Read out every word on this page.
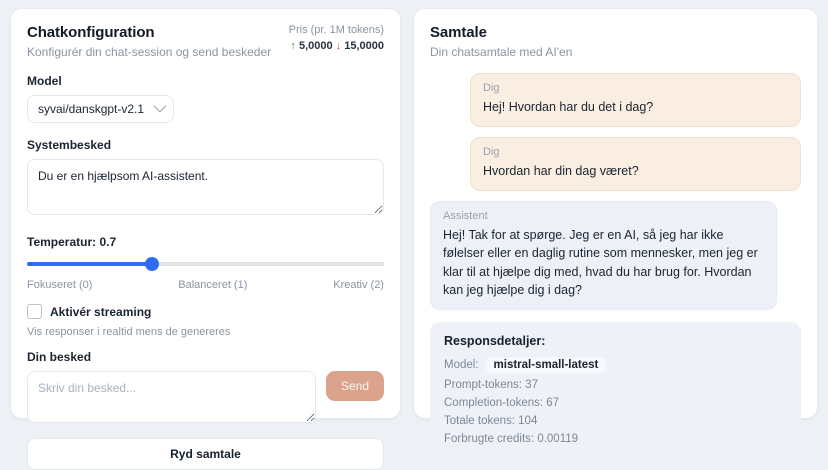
Chatkonfiguration
Konfigurér din chat-session og send beskeder
Pris (pr. 1M tokens)
↑ 5,0000 ↓ 15,0000
Model
syvai/danskgpt-v2.1
Systembesked
Du er en hjælpsom AI-assistent.
Temperatur: 0.7
Fokuseret (0)	Balanceret (1)	Kreativ (2)
Aktivér streaming
Vis responser i realtid mens de genereres
Din besked
Skriv din besked...
Send
Ryd samtale
Samtale
Din chatsamtale med AI'en
Dig
Hej! Hvordan har du det i dag?
Dig
Hvordan har din dag været?
Assistent
Hej! Tak for at spørge. Jeg er en AI, så jeg har ikke følelser eller en daglig rutine som mennesker, men jeg er klar til at hjælpe dig med, hvad du har brug for. Hvordan kan jeg hjælpe dig i dag?
Responsdetaljer:
Model:	mistral-small-latest
Prompt-tokens: 37
Completion-tokens: 67
Totale tokens: 104
Forbrugte credits: 0.00119
